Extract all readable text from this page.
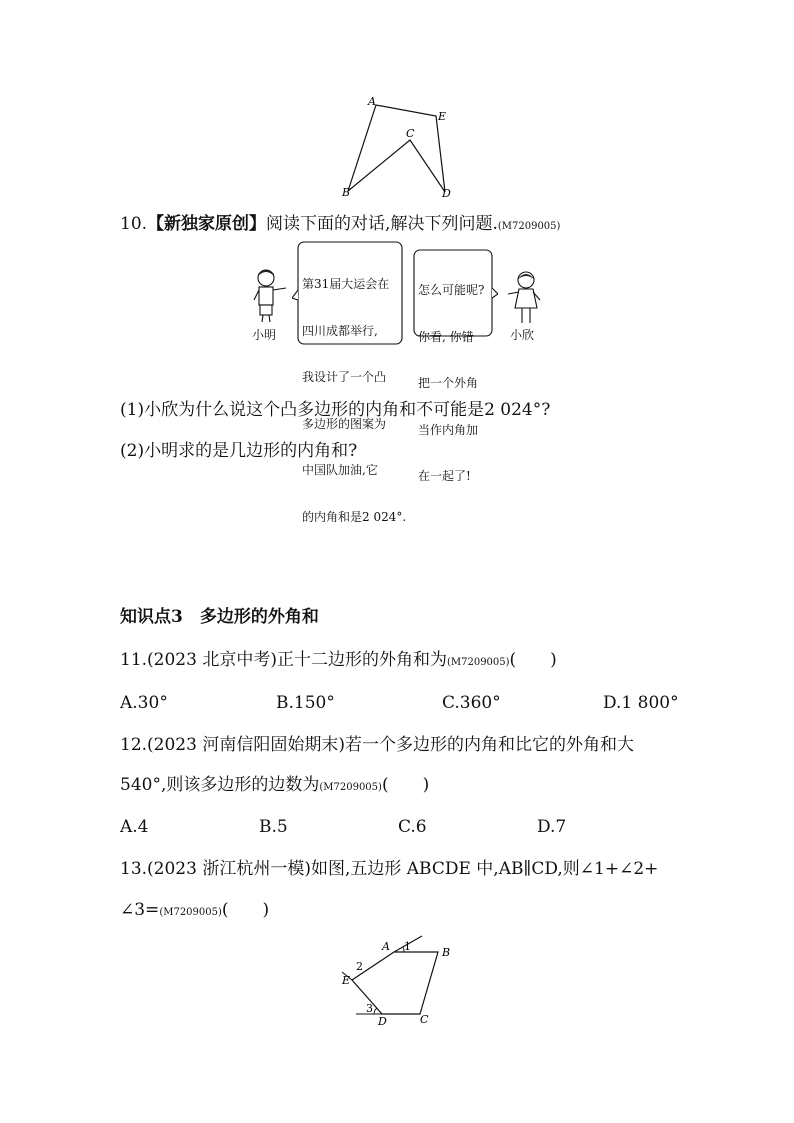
A
E
C
B	D
10.【新独家原创】阅读下面的对话,解决下列问题.(M7209005)
小明

第31届大运会在

四川成都举行,

我设计了一个凸

多边形的图案为

中国队加油,它

的内角和是2 024°.

怎么可能呢?

你看, 你错

把一个外角

当作内角加

在一起了!

小欣
(1)小欣为什么说这个凸多边形的内角和不可能是2 024°?
(2)小明求的是几边形的内角和?
知识点3　多边形的外角和
11.(2023 北京中考)正十二边形的外角和为(M7209005)(　　)
A.30°	B.150°	C.360°	D.1 800°
12.(2023 河南信阳固始期末)若一个多边形的内角和比它的外角和大
540°,则该多边形的边数为(M7209005)(　　)
A.4	B.5	C.6	D.7
13.(2023 浙江杭州一模)如图,五边形 ABCDE 中,AB∥CD,则∠1+∠2+
∠3=(M7209005)(　　)
A	B
C
D
E
1
2
3
